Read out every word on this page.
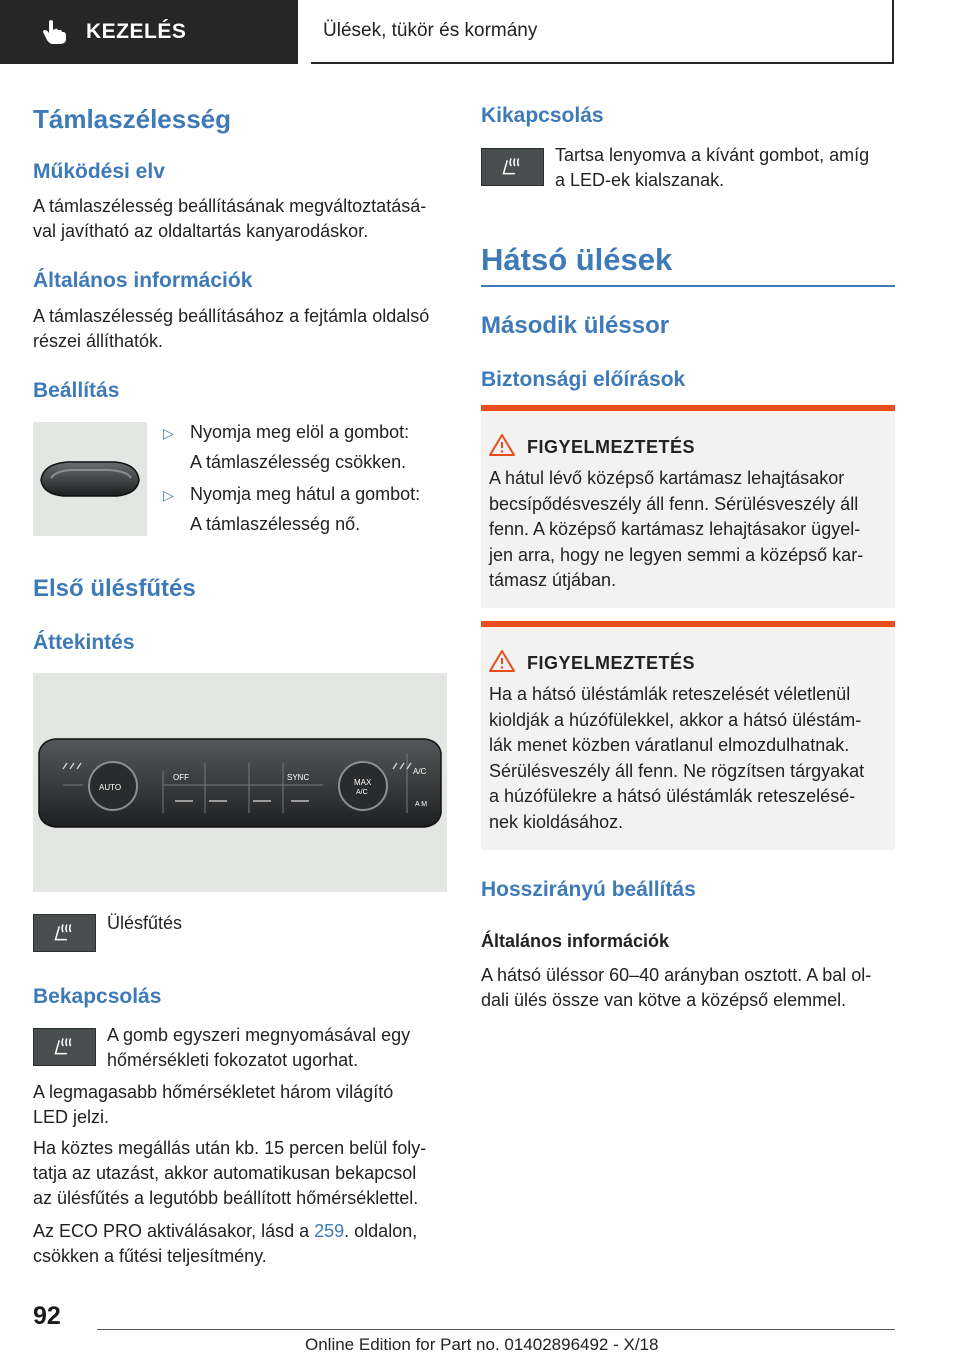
KEZELÉS	Ülések, tükör és kormány
Támlaszélesség
Működési elv

A támlaszélesség beállításának megváltoztatásá-
val javítható az oldaltartás kanyarodáskor.

Általános információk

A támlaszélesség beállításához a fejtámla oldalsó
részei állíthatók.

Beállítás
▷ Nyomja meg elöl a gombot:
A támlaszélesség csökken.
▷ Nyomja meg hátul a gombot:
A támlaszélesség nő.
Első ülésfűtés
Áttekintés
OFF	SYNC
AUTO
MAX
A/C
A/C
A M
Ülésfűtés
Bekapcsolás

A gomb egyszeri megnyomásával egy
hőmérsékleti fokozatot ugorhat.

A legmagasabb hőmérsékletet három világító
LED jelzi.

Ha köztes megállás után kb. 15 percen belül foly-
tatja az utazást, akkor automatikusan bekapcsol
az ülésfűtés a legutóbb beállított hőmérséklettel.

Az ECO PRO aktiválásakor, lásd a 259. oldalon,
csökken a fűtési teljesítmény.

Kikapcsolás

Tartsa lenyomva a kívánt gombot, amíg
a LED-ek kialszanak.

Hátsó ülések
Második üléssor
Biztonsági előírások
FIGYELMEZTETÉS

A hátul lévő középső kartámasz lehajtásakor
becsípődésveszély áll fenn. Sérülésveszély áll
fenn. A középső kartámasz lehajtásakor ügyel-
jen arra, hogy ne legyen semmi a középső kar-
támasz útjában.

FIGYELMEZTETÉS

Ha a hátsó üléstámlák reteszelését véletlenül
kioldják a húzófülekkel, akkor a hátsó üléstám-
lák menet közben váratlanul elmozdulhatnak.
Sérülésveszély áll fenn. Ne rögzítsen tárgyakat
a húzófülekre a hátsó üléstámlák reteszelésé-
nek kioldásához.

Hosszirányú beállítás
Általános információk

A hátsó üléssor 60–40 arányban osztott. A bal ol-
dali ülés össze van kötve a középső elemmel.

92
Online Edition for Part no. 01402896492 - X/18
